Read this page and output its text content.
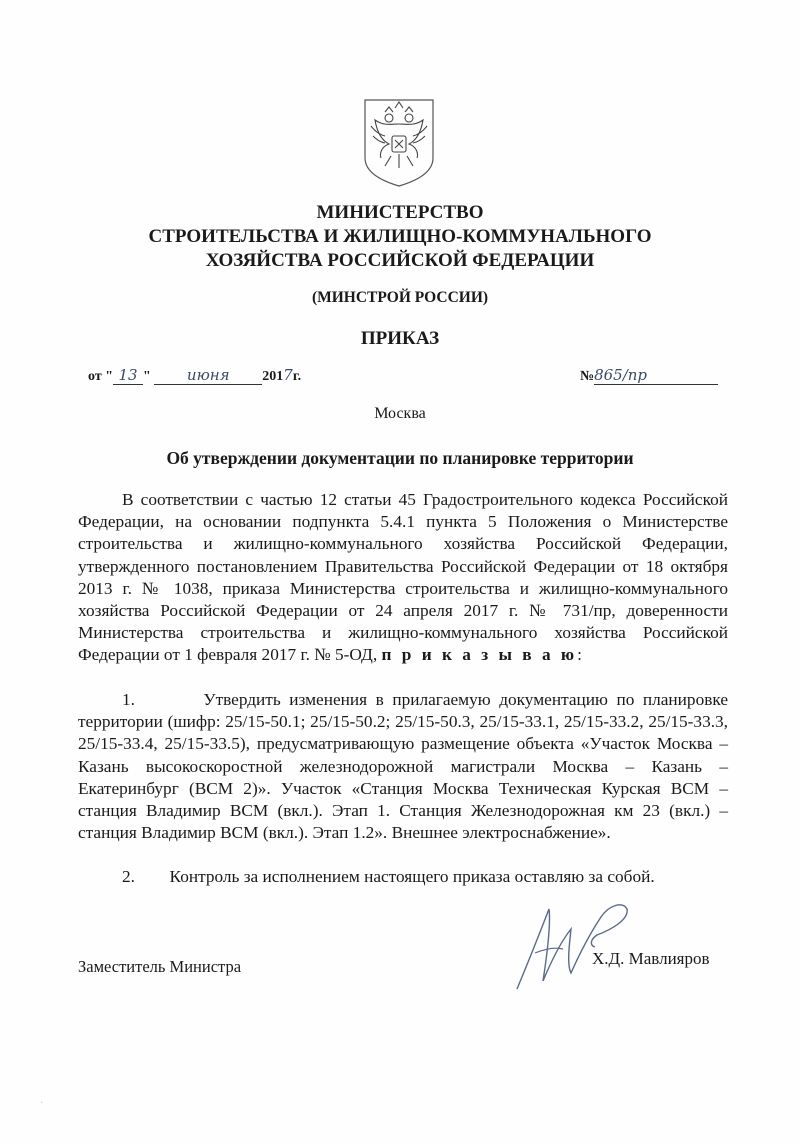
МИНИСТЕРСТВО
СТРОИТЕЛЬСТВА И ЖИЛИЩНО-КОММУНАЛЬНОГО
ХОЗЯЙСТВА РОССИЙСКОЙ ФЕДЕРАЦИИ
(МИНСТРОЙ РОССИИ)
ПРИКАЗ
от " 13 " июня 2017г.	№865/пр
Москва
Об утверждении документации по планировке территории
В соответствии с частью 12 статьи 45 Градостроительного кодекса Российской Федерации, на основании подпункта 5.4.1 пункта 5 Положения о Министерстве строительства и жилищно-коммунального хозяйства Российской Федерации, утвержденного постановлением Правительства Российской Федерации от 18 октября 2013 г. № 1038, приказа Министерства строительства и жилищно-коммунального хозяйства Российской Федерации от 24 апреля 2017 г. № 731/пр, доверенности Министерства строительства и жилищно-коммунального хозяйства Российской Федерации от 1 февраля 2017 г. № 5-ОД, п р и к а з ы в а ю:
1.	Утвердить изменения в прилагаемую документацию по планировке территории (шифр: 25/15-50.1; 25/15-50.2; 25/15-50.3, 25/15-33.1, 25/15-33.2, 25/15-33.3, 25/15-33.4, 25/15-33.5), предусматривающую размещение объекта «Участок Москва – Казань высокоскоростной железнодорожной магистрали Москва – Казань – Екатеринбург (ВСМ 2)». Участок «Станция Москва Техническая Курская ВСМ – станция Владимир ВСМ (вкл.). Этап 1. Станция Железнодорожная км 23 (вкл.) – станция Владимир ВСМ (вкл.). Этап 1.2». Внешнее электроснабжение».
2. Контроль за исполнением настоящего приказа оставляю за собой.
Заместитель Министра	Х.Д. Мавлияров
·
